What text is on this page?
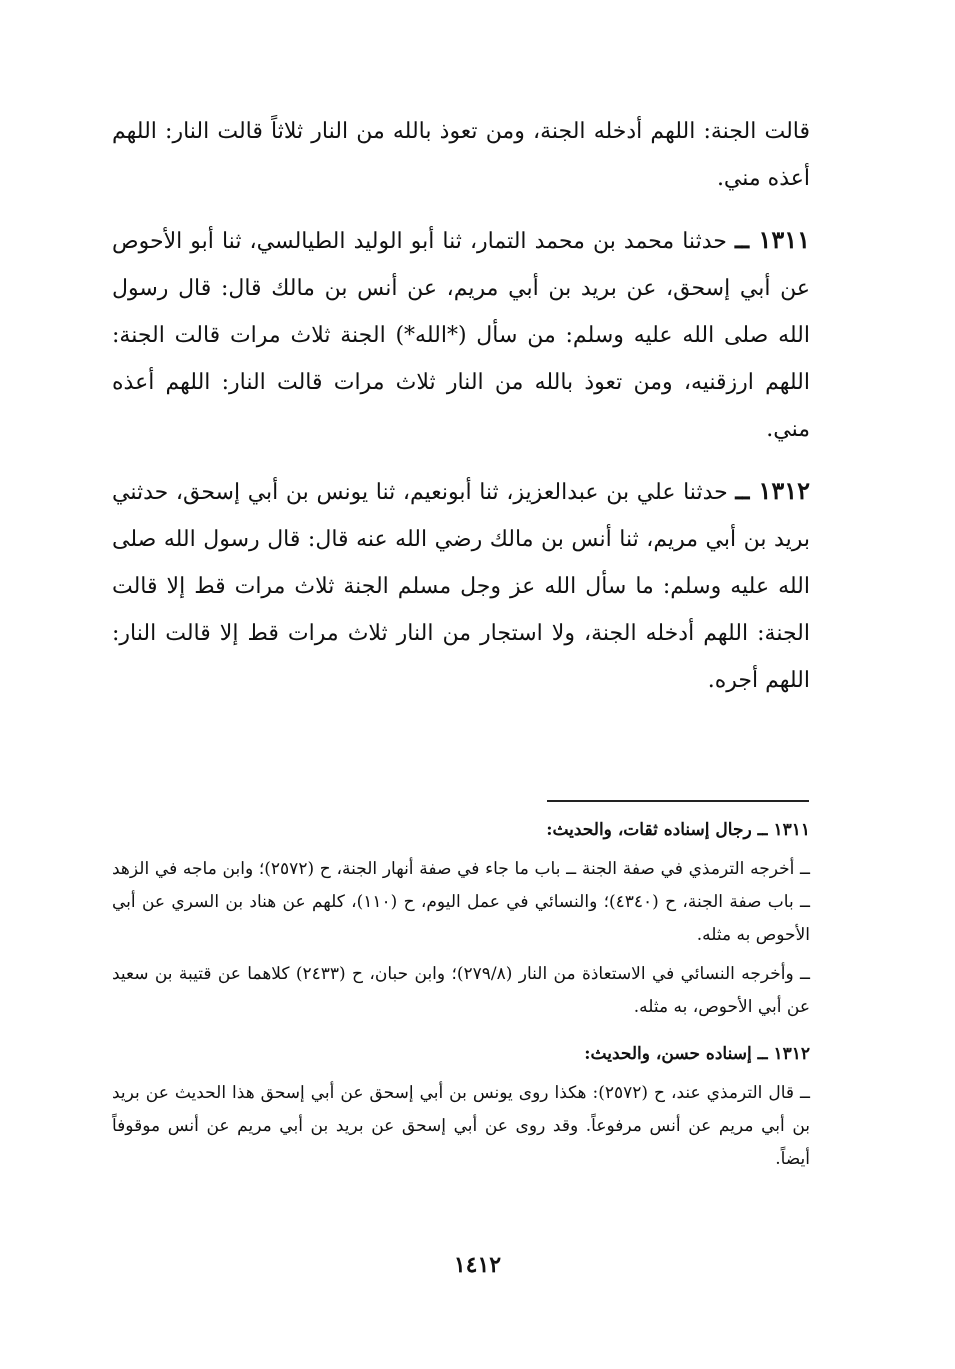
قالت الجنة: اللهم أدخله الجنة، ومن تعوذ بالله من النار ثلاثاً قالت النار: اللهم أعذه مني.

١٣١١ ــ حدثنا محمد بن محمد التمار، ثنا أبو الوليد الطيالسي، ثنا أبو الأحوص عن أبي إسحق، عن بريد بن أبي مريم، عن أنس بن مالك قال: قال رسول الله صلى الله عليه وسلم: من سأل (*الله*) الجنة ثلاث مرات قالت الجنة: اللهم ارزقنيه، ومن تعوذ بالله من النار ثلاث مرات قالت النار: اللهم أعذه مني.

١٣١٢ ــ حدثنا علي بن عبدالعزيز، ثنا أبونعيم، ثنا يونس بن أبي إسحق، حدثني بريد بن أبي مريم، ثنا أنس بن مالك رضي الله عنه قال: قال رسول الله صلى الله عليه وسلم: ما سأل الله عز وجل مسلم الجنة ثلاث مرات قط إلا قالت الجنة: اللهم أدخله الجنة، ولا استجار من النار ثلاث مرات قط إلا قالت النار: اللهم أجره.

١٣١١ ــ رجال إسناده ثقات، والحديث:

ــ أخرجه الترمذي في صفة الجنة ــ باب ما جاء في صفة أنهار الجنة، ح (٢٥٧٢)؛ وابن ماجه في الزهد ــ باب صفة الجنة، ح (٤٣٤٠)؛ والنسائي في عمل اليوم، ح (١١٠)، كلهم عن هناد بن السري عن أبي الأحوص به مثله.

ــ وأخرجه النسائي في الاستعاذة من النار (٢٧٩/٨)؛ وابن حبان، ح (٢٤٣٣) كلاهما عن قتيبة بن سعيد عن أبي الأحوص، به مثله.

١٣١٢ ــ إسناده حسن، والحديث:

ــ قال الترمذي عند، ح (٢٥٧٢): هكذا روى يونس بن أبي إسحق عن أبي إسحق هذا الحديث عن بريد بن أبي مريم عن أنس مرفوعاً. وقد روى عن أبي إسحق عن بريد بن أبي مريم عن أنس موقوفاً أيضاً.

١٤١٢
